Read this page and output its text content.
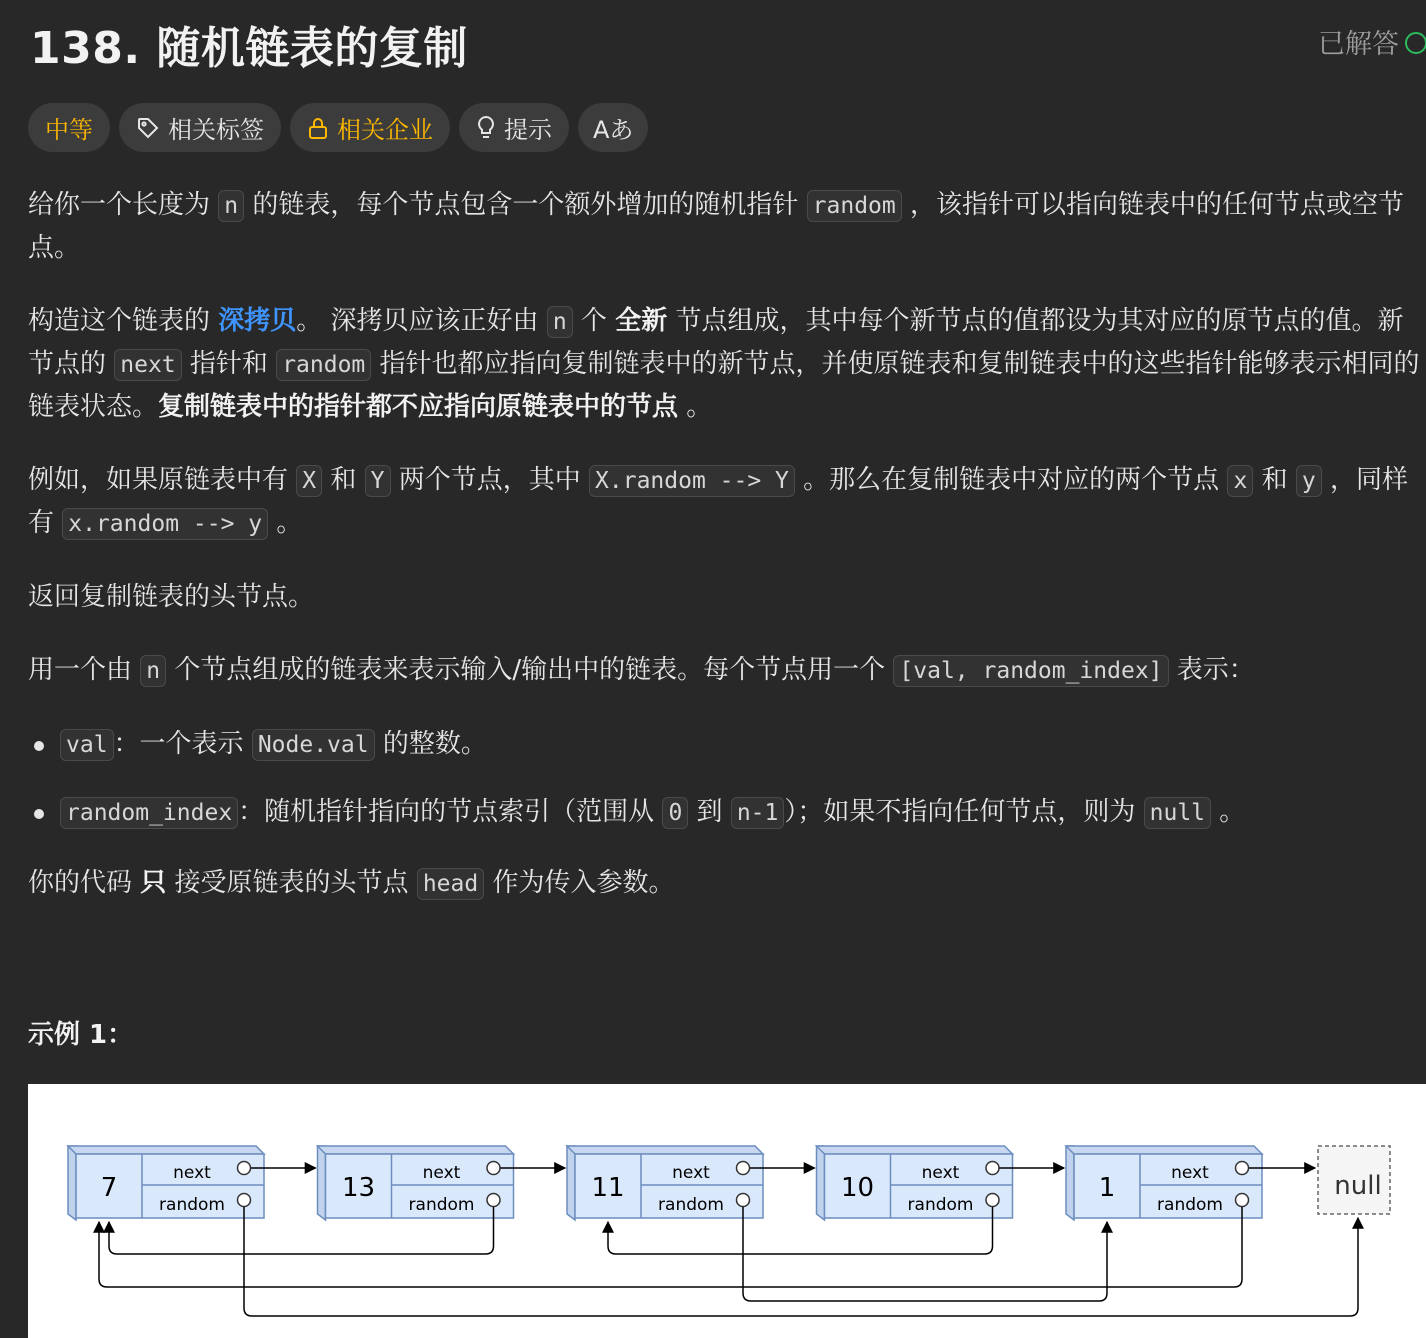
138. 随机链表的复制	已解答
中等	相关标签	相关企业	提示 Aあ

给你一个长度为 n 的链表，每个节点包含一个额外增加的随机指针 random ，该指针可以指向链表中的任何节点或空节点。

构造这个链表的 深拷贝。 深拷贝应该正好由 n 个 全新 节点组成，其中每个新节点的值都设为其对应的原节点的值。新节点的 next 指针和 random 指针也都应指向复制链表中的新节点，并使原链表和复制链表中的这些指针能够表示相同的链表状态。复制链表中的指针都不应指向原链表中的节点 。

例如，如果原链表中有 X 和 Y 两个节点，其中 X.random --> Y 。那么在复制链表中对应的两个节点 x 和 y ，同样有 x.random --> y 。

返回复制链表的头节点。

用一个由 n 个节点组成的链表来表示输入/输出中的链表。每个节点用一个 [val, random_index] 表示：

val ：一个表示 Node.val 的整数。
random_index ：随机指针指向的节点索引（范围从 0 到 n-1 ）；如果不指向任何节点，则为 null 。

你的代码 只 接受原链表的头节点 head 作为传入参数。

示例 1：
7	next
random
13	next
random
11	next
random
10	next
random
1	next
random
null
